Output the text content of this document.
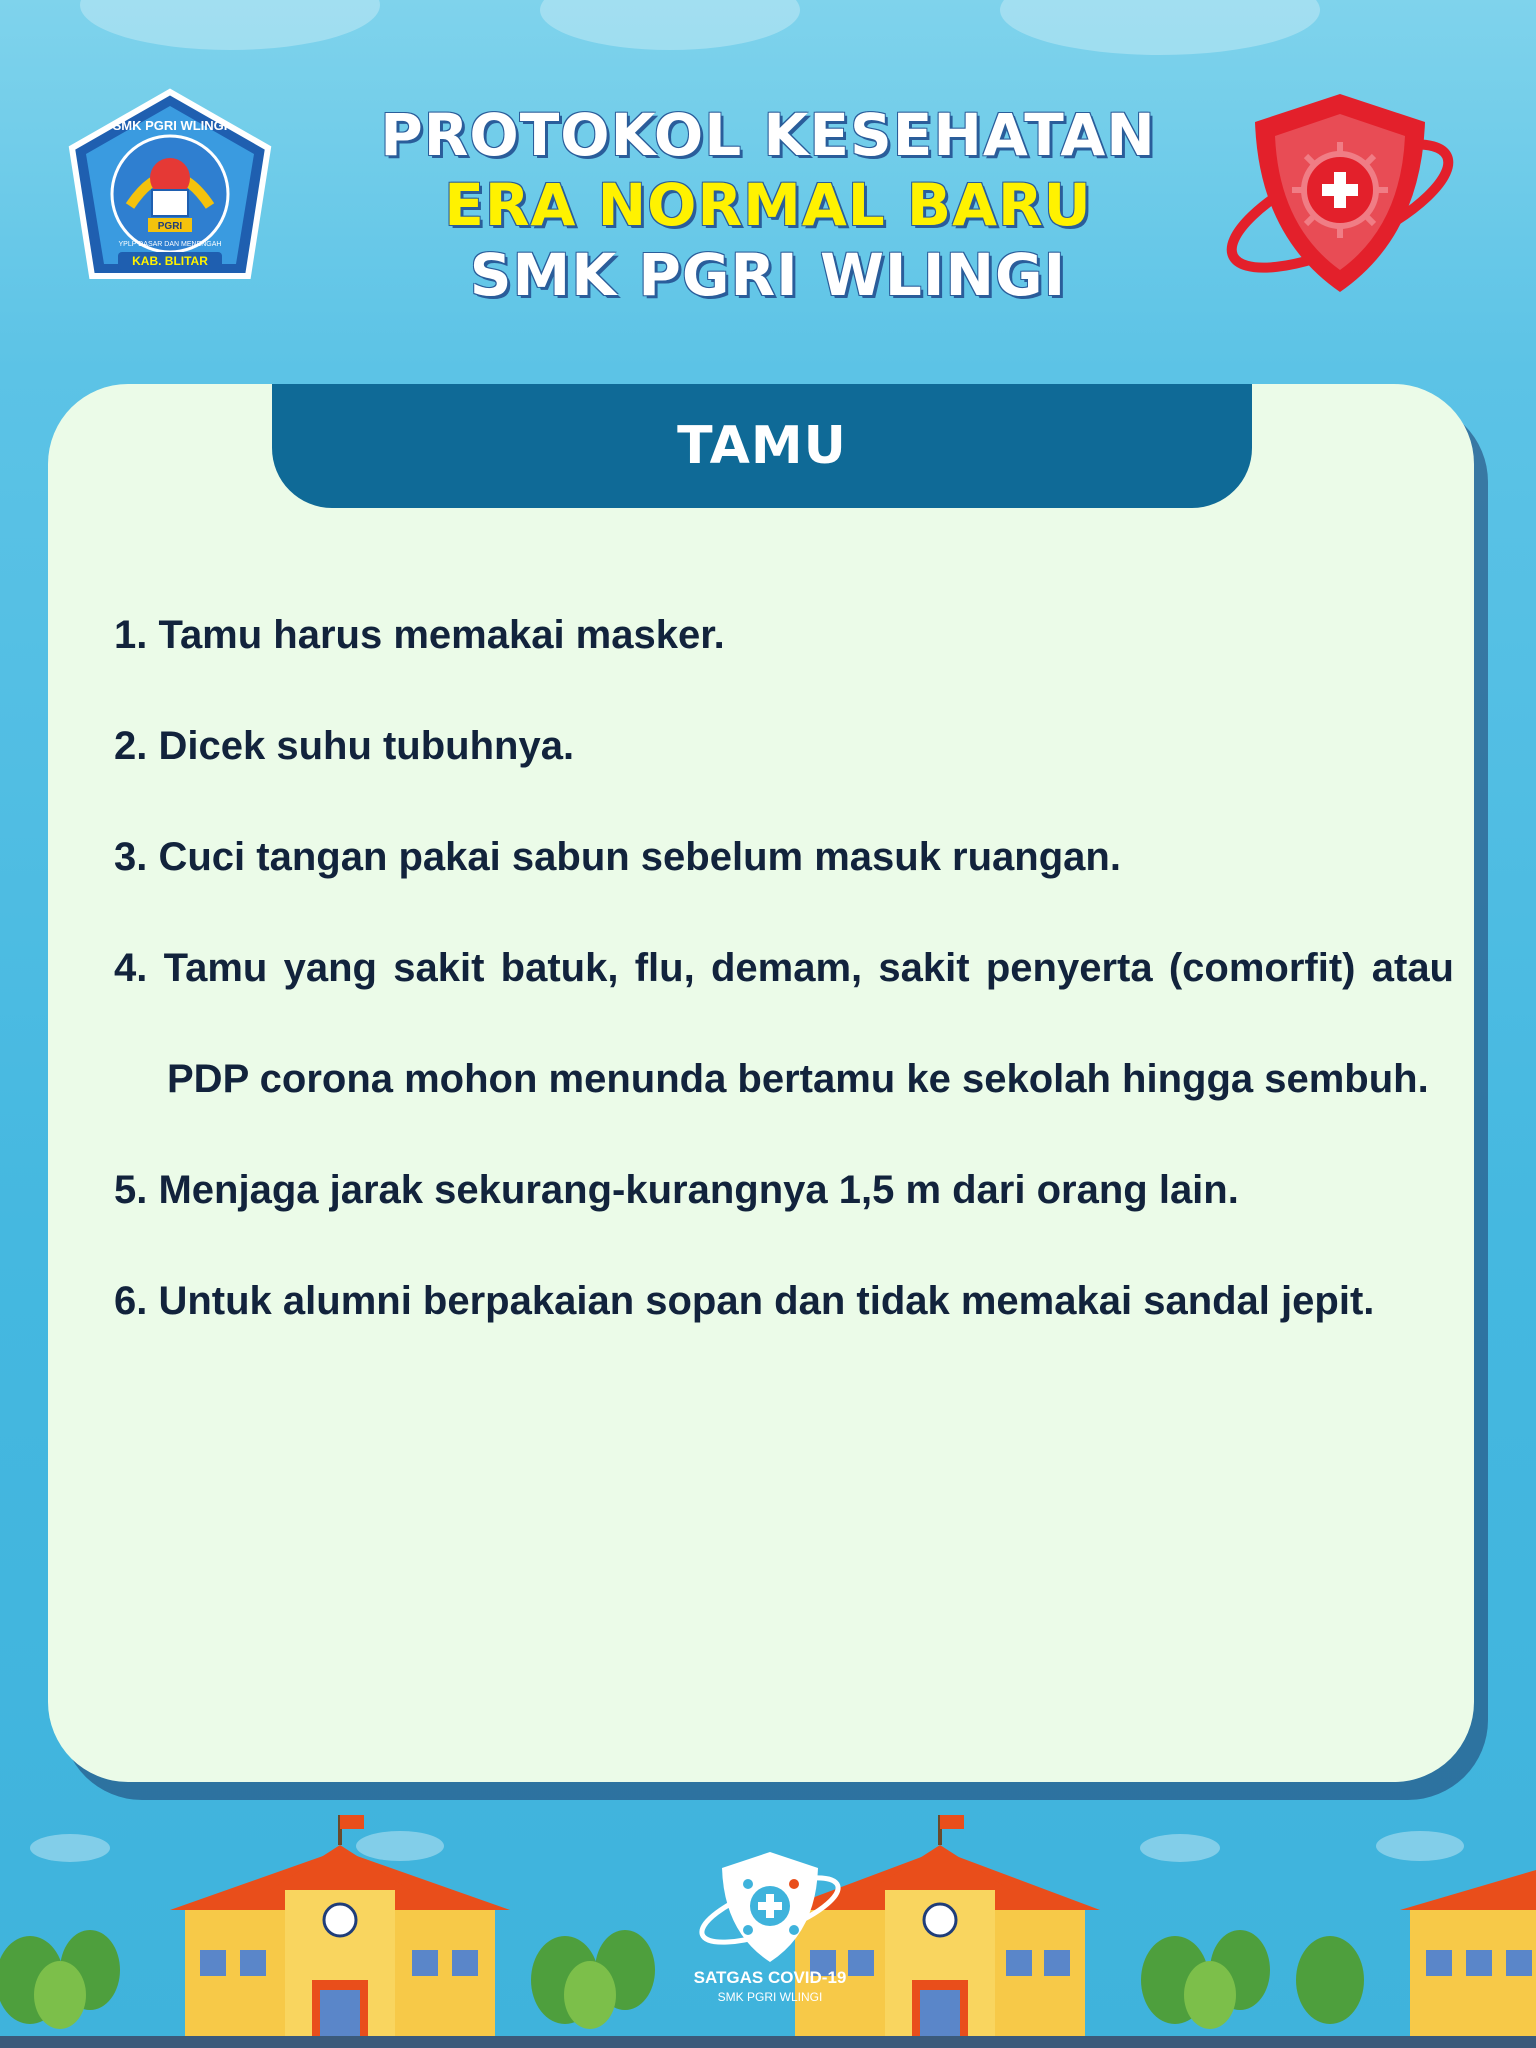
PGRI
SMK PGRI WLINGI
YPLP DASAR DAN MENENGAH
KAB. BLITAR
PROTOKOL KESEHATAN
ERA NORMAL BARU
SMK PGRI WLINGI
TAMU
1. Tamu harus memakai masker.
2. Dicek suhu tubuhnya.
3. Cuci tangan pakai sabun sebelum masuk ruangan.
4. Tamu yang sakit batuk, flu, demam, sakit penyerta (comorfit) atau PDP corona mohon menunda bertamu ke sekolah hingga sembuh.
5. Menjaga jarak sekurang-kurangnya 1,5 m dari orang lain.
6. Untuk alumni berpakaian sopan dan tidak memakai sandal jepit.
SATGAS COVID-19
SMK PGRI WLINGI
